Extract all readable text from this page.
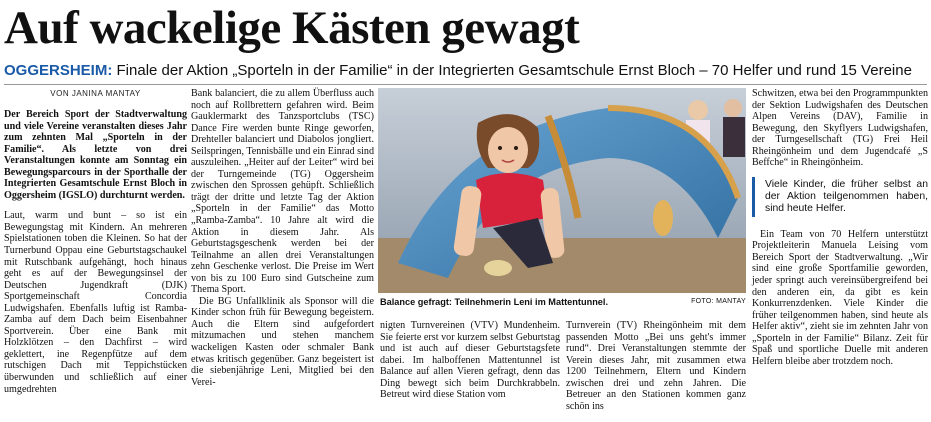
Auf wackelige Kästen gewagt
OGGERSHEIM: Finale der Aktion „Sporteln in der Familie“ in der Integrierten Gesamtschule Ernst Bloch – 70 Helfer und rund 15 Vereine
VON JANINA MANTAY

Der Bereich Sport der Stadtverwaltung und viele Vereine veranstalten dieses Jahr zum zehnten Mal „Sporteln in der Familie“. Als letzte von drei Veranstaltungen konnte am Sonntag ein Bewegungsparcours in der Sporthalle der Integrierten Gesamtschule Ernst Bloch in Oggersheim (IGSLO) durchturnt werden.

Laut, warm und bunt – so ist ein Bewegungstag mit Kindern. An mehreren Spielstationen toben die Kleinen. So hat der Turnerbund Oppau eine Geburtstagschaukel mit Rutschbank aufgehängt, hoch hinaus geht es auf der Bewegungsinsel der Deutschen Jugendkraft (DJK) Sportgemeinschaft Concordia Ludwigshafen. Ebenfalls luftig ist Ramba-Zamba auf dem Dach beim Eisenbahner Sportverein. Über eine Bank mit Holzklötzen – den Dachfirst – wird geklettert, ine Regenpfütze auf dem rutschigen Dach mit Teppichstücken überwunden und schließlich auf einer umgedrehten

Bank balanciert, die zu allem Überfluss auch noch auf Rollbrettern gefahren wird. Beim Gauklermarkt des Tanzsportclubs (TSC) Dance Fire werden bunte Ringe geworfen, Drehteller balanciert und Diabolos jongliert. Seilspringen, Tennisbälle und ein Einrad sind auszuleihen. „Heiter auf der Leiter“ wird bei der Turngemeinde (TG) Oggersheim zwischen den Sprossen gehüpft. Schließlich trägt der dritte und letzte Tag der Aktion „Sporteln in der Familie“ das Motto „Ramba-Zamba“. 10 Jahre alt wird die Aktion in diesem Jahr. Als Geburtstagsgeschenk werden bei der Teilnahme an allen drei Veranstaltungen zehn Geschenke verlost. Die Preise im Wert von bis zu 100 Euro sind Gutscheine zum Thema Sport.

Die BG Unfallklinik als Sponsor will die Kinder schon früh für Bewegung begeistern. Auch die Eltern sind aufgefordert mitzumachen und stehen manchem wackeligen Kasten oder schmaler Bank etwas kritisch gegenüber. Ganz begeistert ist die siebenjährige Leni, Mitglied bei den Verei-

Balance gefragt: Teilnehmerin Leni im Mattentunnel.	FOTO: MANTAY

nigten Turnvereinen (VTV) Mundenheim. Sie feierte erst vor kurzem selbst Geburtstag und ist auch auf dieser Geburtstagsfete dabei. Im halboffenen Mattentunnel ist Balance auf allen Vieren gefragt, denn das Ding bewegt sich beim Durchkrabbeln. Betreut wird diese Station vom

Turnverein (TV) Rheingönheim mit dem passenden Motto „Bei uns geht's immer rund“. Drei Veranstaltungen stemmte der Verein dieses Jahr, mit zusammen etwa 1200 Teilnehmern, Eltern und Kindern zwischen drei und zehn Jahren. Die Betreuer an den Stationen kommen ganz schön ins

Schwitzen, etwa bei den Programmpunkten der Sektion Ludwigshafen des Deutschen Alpen Vereins (DAV), Familie in Bewegung, den Skyflyers Ludwigshafen, der Turngesellschaft (TG) Frei Heil Rheingönheim und dem Jugendcafé „S Beffche“ in Rheingönheim.

Viele Kinder, die früher selbst an der Aktion teilgenommen haben, sind heute Helfer.

Ein Team von 70 Helfern unterstützt Projektleiterin Manuela Leising vom Bereich Sport der Stadtverwaltung. „Wir sind eine große Sportfamilie geworden, jeder springt auch vereinsübergreifend bei den anderen ein, da gibt es kein Konkurrenzdenken. Viele Kinder die früher teilgenommen haben, sind heute als Helfer aktiv“, zieht sie im zehnten Jahr von „Sporteln in der Familie“ Bilanz. Zeit für Spaß und sportliche Duelle mit anderen Helfern bleibe aber trotzdem noch.
